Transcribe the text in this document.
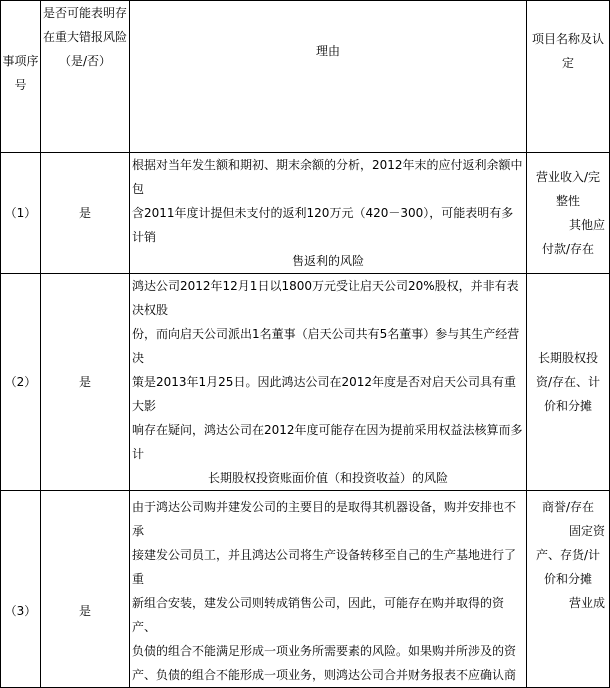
事项序
号	是否可能表明存
在重大错报风险
（是/否）	理由	项目名称及认
定

（1）	是	根据对当年发生额和期初、期末余额的分析，2012年末的应付返利余额中包
含2011年度计提但未支付的返利120万元（420－300），可能表明有多计销
售返利的风险	营业收入/完
整性
其他应
付款/存在

（2）	是	鸿达公司2012年12月1日以1800万元受让启天公司20%股权，并非有表决权股
份，而向启天公司派出1名董事（启天公司共有5名董事）参与其生产经营决
策是2013年1月25日。因此鸿达公司在2012年度是否对启天公司具有重大影
响存在疑问，鸿达公司在2012年度可能存在因为提前采用权益法核算而多计
长期股权投资账面价值（和投资收益）的风险	长期股权投
资/存在、计
价和分摊

（3）	是	由于鸿达公司购并建发公司的主要目的是取得其机器设备，购并安排也不承
接建发公司员工，并且鸿达公司将生产设备转移至自己的生产基地进行了重
新组合安装，建发公司则转成销售公司，因此，可能存在购并取得的资产、
负债的组合不能满足形成一项业务所需要素的风险。如果购并所涉及的资
产、负债的组合不能形成一项业务，则鸿达公司合并财务报表不应确认商	商誉/存在
固定资
产、存货/计
价和分摊
营业成
